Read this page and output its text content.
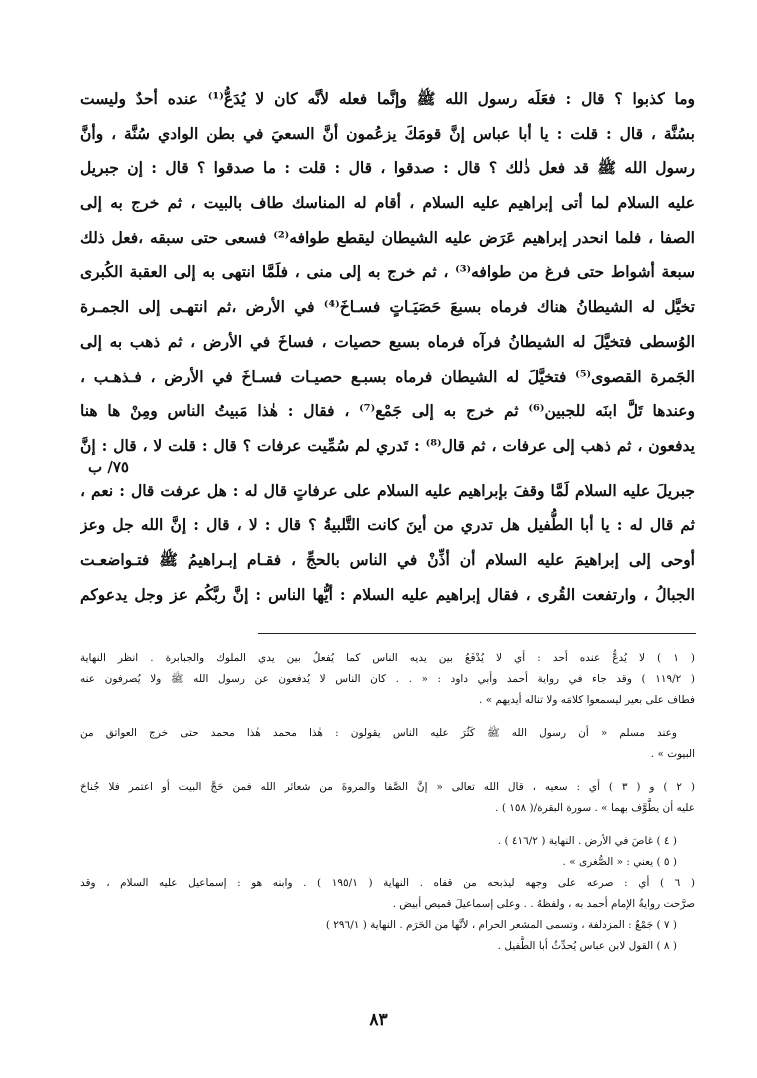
وما كذبوا ؟ قال : فعَلَه رسول الله ﷺ وإنَّما فعله لأنَّه كان لا يُدَعُّ⁽¹⁾ عنده أحدٌ وليست
بسُنَّة ، قال : قلت : يا أبا عباس إنَّ قومَكَ يزعُمون أنَّ السعيَ في بطن الوادي سُنَّة ، وأنَّ
رسول الله ﷺ قد فعل ذٰلك ؟ قال : صدقوا ، قال : قلت : ما صدقوا ؟ قال : إن جبريل
عليه السلام لما أتى إبراهيم عليه السلام ، أقام له المناسك طاف بالبيت ، ثم خرج به إلى
الصفا ، فلما انحدر إبراهيم عَرَض عليه الشيطان ليقطع طوافه⁽²⁾ فسعى حتى سبقه ،فعل ذلك
سبعة أشواط حتى فرغ من طوافه⁽³⁾ ، ثم خرج به إلى منى ، فلَمَّا انتهى به إلى العقبة الكُبرى
تخيَّل له الشيطانُ هناك فرماه بسبعَ حَصَيَـاتٍ فسـاخَ⁽⁴⁾ في الأرض ،ثم انتهـى إلى الجمـرة
الوُسطى فتخيَّلَ له الشيطانُ فرآه فرماه بسبع حصيات ، فساخَ في الأرض ، ثم ذهب به إلى
الجَمرة القصوى⁽⁵⁾ فتخيَّلَ له الشيطان فرماه بسبـع حصيـات فسـاخَ في الأرض ، فـذهـب ،
وعندها تَلَّ ابنَه للجبين⁽⁶⁾ ثم خرج به إلى جَمْع⁽⁷⁾ ، فقال : هٰذا مَبيتُ الناس ومِنْ ها هنا
يدفعون ، ثم ذهب إلى عرفات ، ثم قال⁽⁸⁾ : تَدري لم سُمِّيت عرفات ؟ قال : قلت لا ، قال : إنَّ
٧٥/ ب
جبريلَ عليه السلام لَمَّا وقفَ بإبراهيم عليه السلام على عرفاتٍ قال له : هل عرفت قال : نعم ،
ثم قال له : يا أبا الطُّفيل هل تدري من أينَ كانت التَّلبيةُ ؟ قال : لا ، قال : إنَّ الله جل وعز
أوحى إلى إبراهيمَ عليه السلام أن أذِّنْ في الناس بالحجِّ ، فقـام إبـراهيمُ ﷺ فتـواضعـت
الجبالُ ، وارتفعت القُرى ، فقال إبراهيم عليه السلام : أيُّها الناس : إنَّ ربَّكُم عز وجل يدعوكم
( ١ ) لا يُدعُّ عنده أحد : أي لا يُدْفَعُ بين يديه الناس كما يُفعلُ بين يدي الملوك والجبابرة . انظر النهاية
( ١١٩/٢ ) وقد جاء في رواية أحمد وأبي داود : « . . كان الناس لا يُدفعون عن رسول الله ﷺ ولا يُصرفون عنه
فطاف على بعير ليسمعوا كلامَه ولا تناله أيديهم » .
وعند مسلم « أن رسول الله ﷺ كَثُرَ عليه الناس يقولون : هٰذا محمد هٰذا محمد حتى خرج العواتق من
البيوت » .
( ٢ ) و ( ٣ ) أي : سعيه ، قال الله تعالى « إنَّ الصَّفا والمروةَ من شعائر الله فمن حَجَّ البيت أو اعتمر فلا جُناحَ
عليه أن يطَّوَّف بهما » . سورة البقرة/( ١٥٨ ) .
( ٤ ) غاصَ في الأرض . النهاية ( ٤١٦/٢ ) .
( ٥ ) يعني : « الصُّغرى » .
( ٦ ) أي : صرعه على وجهه ليذبحه من قفاه . النهاية ( ١٩٥/١ ) . وابنه هو : إسماعيل عليه السلام ، وقد
صرَّحت روايةُ الإمام أحمد به ، ولفظهُ . . وعلى إسماعيلَ قميص أبيض .
( ٧ ) جَمْعٌ : المزدلفة ، وتسمى المشعر الحرام ، لأنَّها من الحَرَم . النهاية ( ٢٩٦/١ )
( ٨ ) القول لابن عباس يُحدِّثُ أبا الطُّفيل .
٨٣
